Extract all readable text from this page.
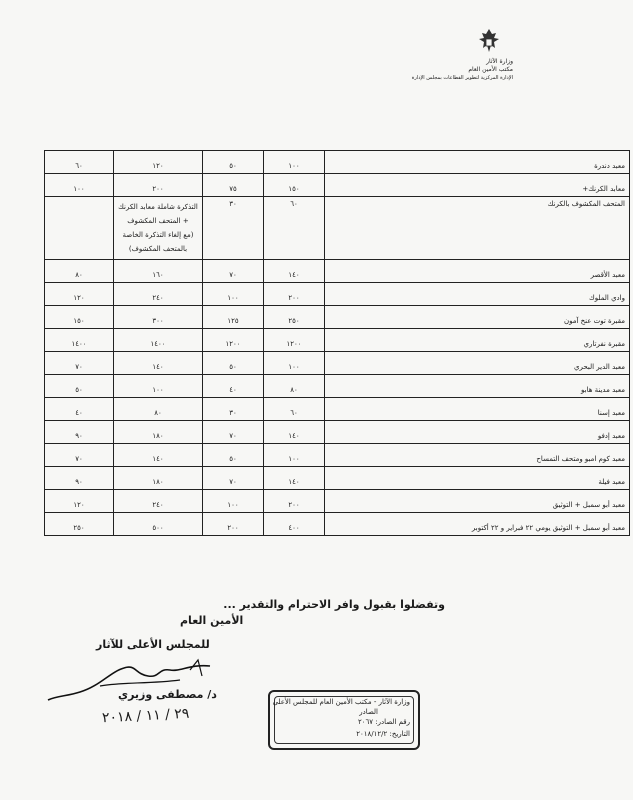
وزارة الآثار
مكتب الأمين العام
الإدارة المركزية لتطوير القطاعات بمجلس الإدارة
معبد دندرة	١٠٠	٥٠	١٢٠	٦٠
معابد الكرنك+	١٥٠	٧٥	٢٠٠	١٠٠
المتحف المكشوف بالكرنك	٦٠	٣٠	التذكرة شاملة معابد الكرنك + المتحف المكشوف
(مع إلغاء التذكرة الخاصة بالمتحف المكشوف)	

معبد الأقصر	١٤٠	٧٠	١٦٠	٨٠
وادي الملوك	٢٠٠	١٠٠	٢٤٠	١٢٠
مقبرة توت عنخ آمون	٢٥٠	١٢٥	٣٠٠	١٥٠
مقبرة نفرتاري	١٢٠٠	١٢٠٠	١٤٠٠	١٤٠٠
معبد الدير البحري	١٠٠	٥٠	١٤٠	٧٠
معبد مدينة هابو	٨٠	٤٠	١٠٠	٥٠
معبد إسنا	٦٠	٣٠	٨٠	٤٠
معبد إدفو	١٤٠	٧٠	١٨٠	٩٠
معبد كوم امبو ومتحف التمساح	١٠٠	٥٠	١٤٠	٧٠
معبد فيلة	١٤٠	٧٠	١٨٠	٩٠
معبد أبو سمبل + التوثيق	٢٠٠	١٠٠	٢٤٠	١٢٠
معبد أبو سمبل + التوثيق يومي ٢٢ فبراير و ٢٢ أكتوبر	٤٠٠	٢٠٠	٥٠٠	٢٥٠
وتفضلوا بقبول وافر الاحترام والتقدير ...
الأمين العام
للمجلس الأعلى للآثار
د/ مصطفى وزيري
٢٩ / ١١ / ٢٠١٨
وزارة الآثار - مكتب الأمين العام للمجلس الأعلى
الصادر
رقم الصادر: ٢٠٦٧
التاريخ: ٢٠١٨/١٢/٢
